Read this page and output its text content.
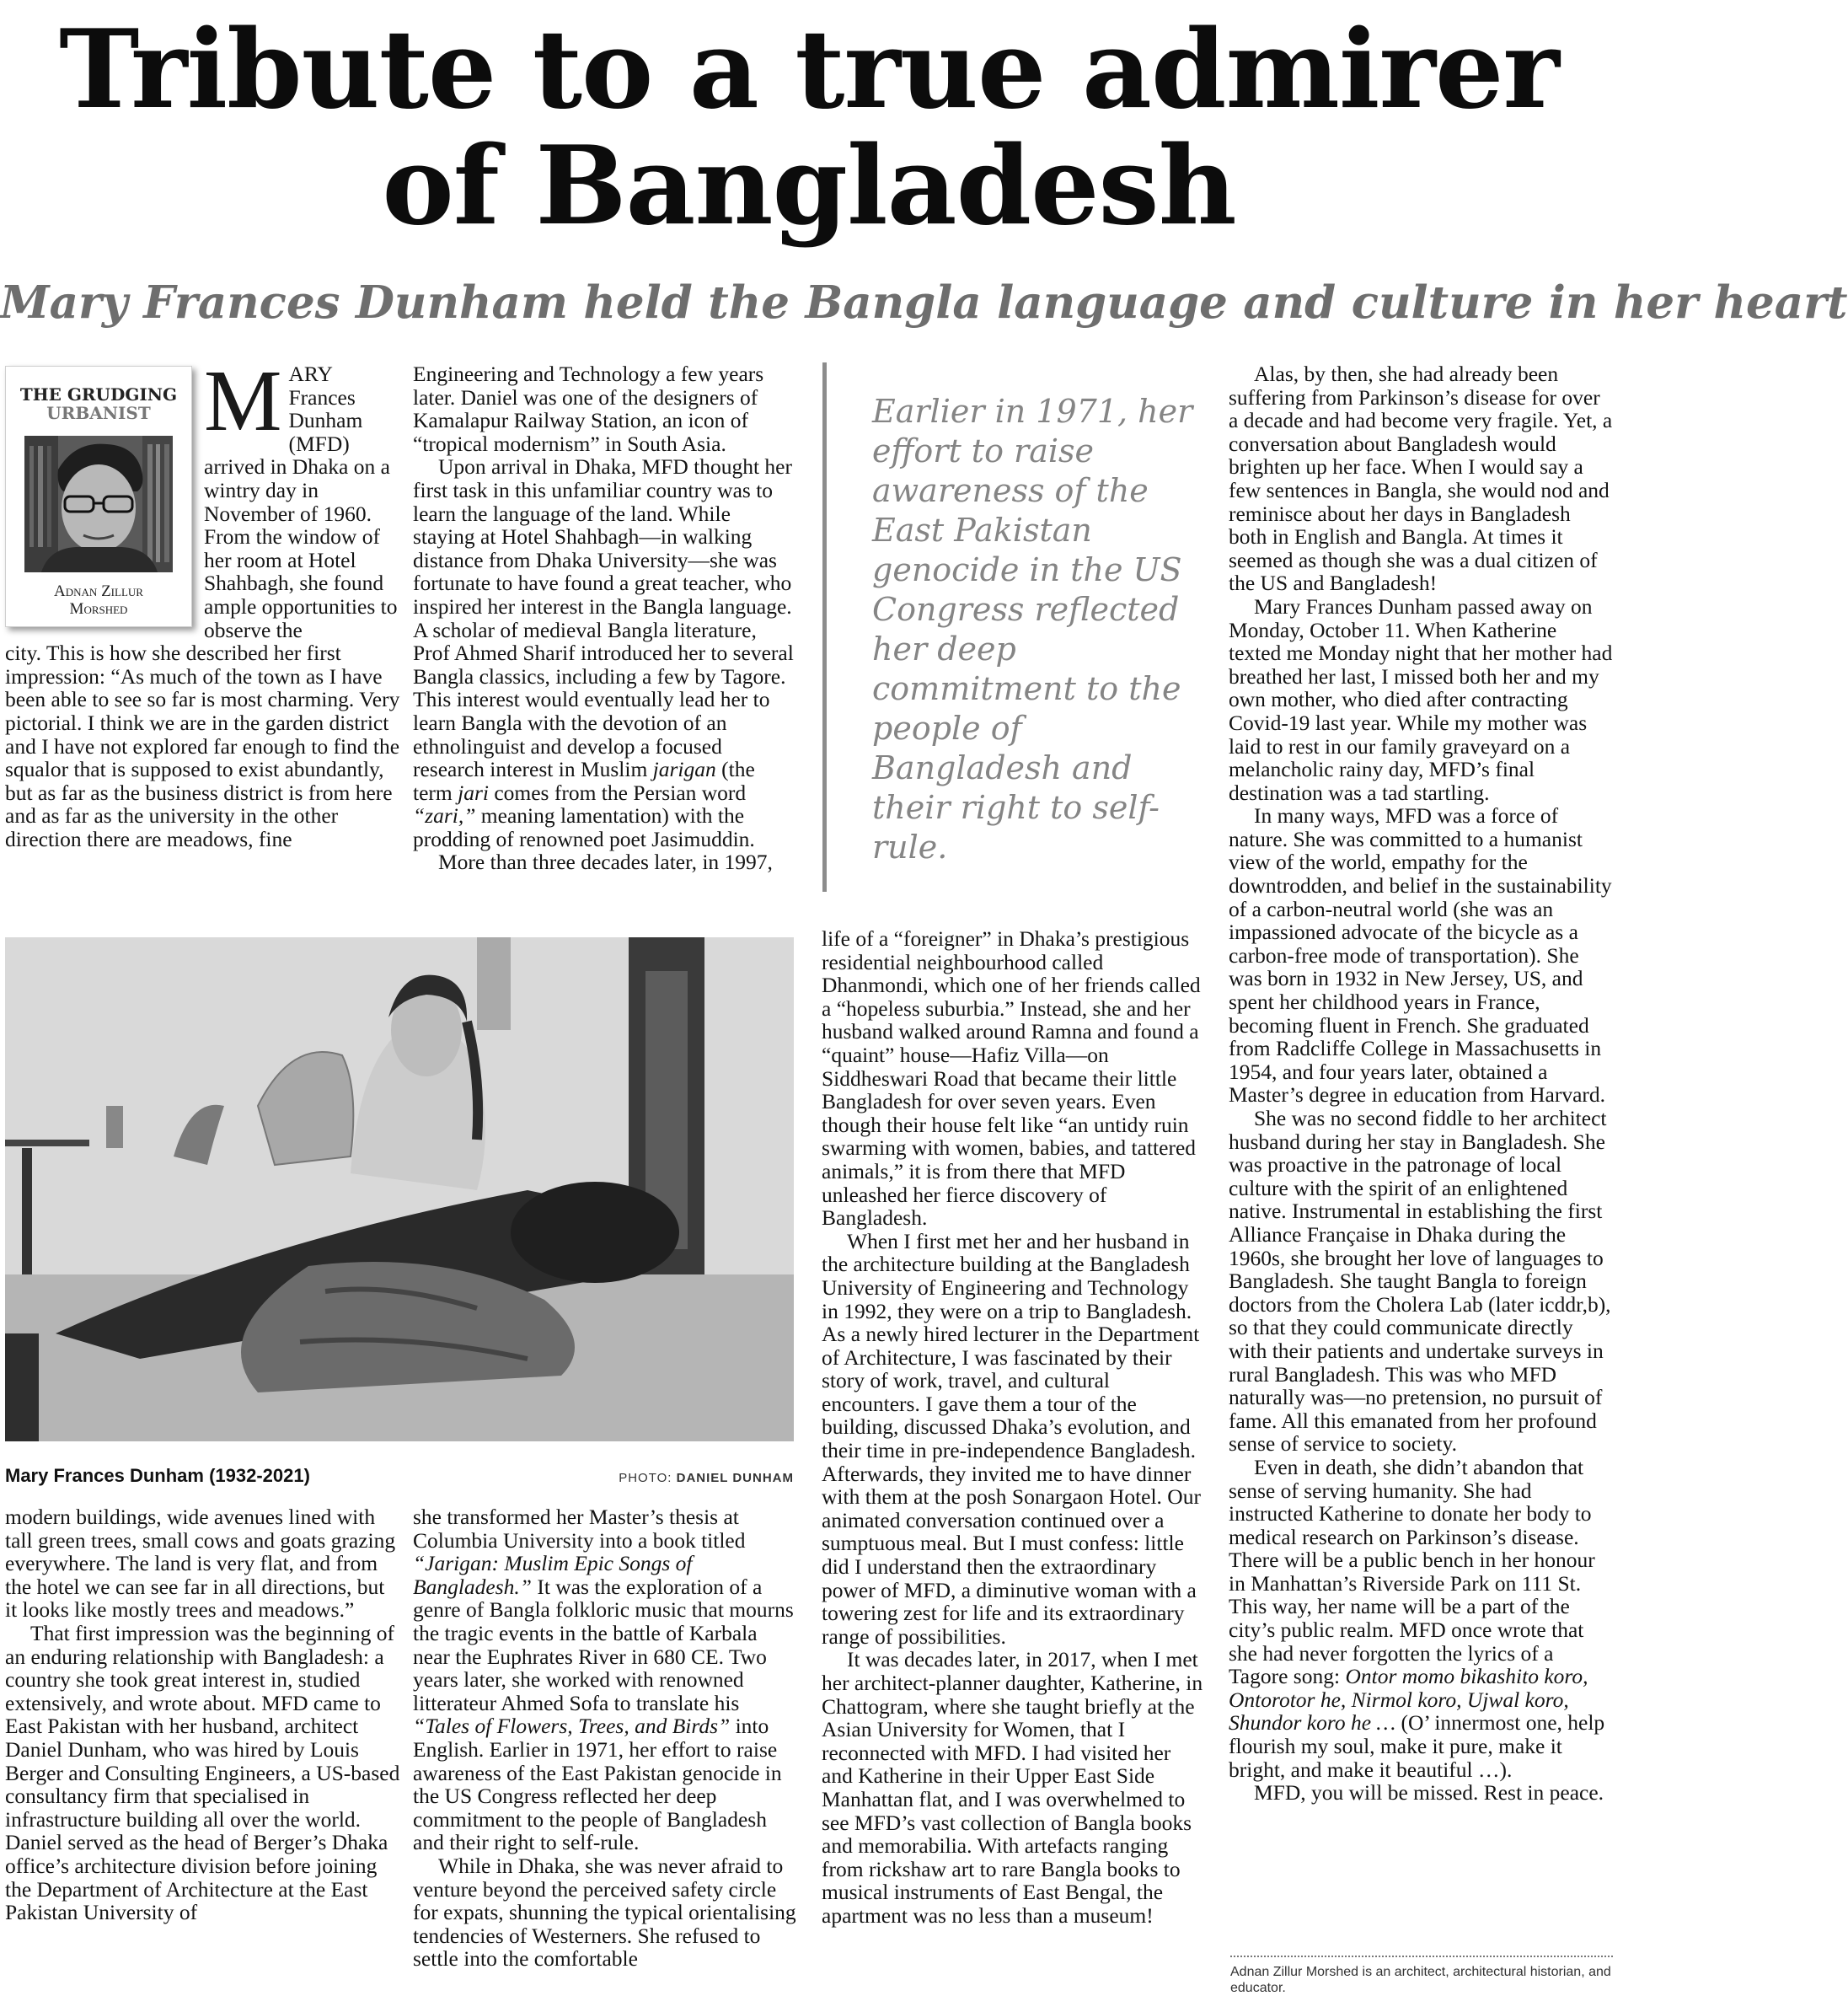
Tribute to a true admirer
of Bangladesh
Mary Frances Dunham held the Bangla language and culture in her heart
THE GRUDGING
URBANIST
Adnan Zillur
Morshed
M ARY Frances Dunham (MFD) arrived in Dhaka on a wintry day in November of 1960. From the window of her room at Hotel Shahbagh, she found ample opportunities to observe the

city. This is how she described her first impression: “As much of the town as I have been able to see so far is most charming. Very pictorial. I think we are in the garden district and I have not explored far enough to find the squalor that is supposed to exist abundantly, but as far as the business district is from here and as far as the university in the other direction there are meadows, fine

Engineering and Technology a few years later. Daniel was one of the designers of Kamalapur Railway Station, an icon of “tropical modernism” in South Asia.

Upon arrival in Dhaka, MFD thought her first task in this unfamiliar country was to learn the language of the land. While staying at Hotel Shahbagh—in walking distance from Dhaka University—she was fortunate to have found a great teacher, who inspired her interest in the Bangla language. A scholar of medieval Bangla literature, Prof Ahmed Sharif introduced her to several Bangla classics, including a few by Tagore. This interest would eventually lead her to learn Bangla with the devotion of an ethnolinguist and develop a focused research interest in Muslim jarigan (the term jari comes from the Persian word “zari,” meaning lamentation) with the prodding of renowned poet Jasimuddin.

More than three decades later, in 1997,

Earlier in 1971, her effort to raise awareness of the East Pakistan genocide in the US Congress reflected her deep commitment to the people of Bangladesh and their right to self-rule.
Mary Frances Dunham (1932-2021)	PHOTO: DANIEL DUNHAM

modern buildings, wide avenues lined with tall green trees, small cows and goats grazing everywhere. The land is very flat, and from the hotel we can see far in all directions, but it looks like mostly trees and meadows.”

That first impression was the beginning of an enduring relationship with Bangladesh: a country she took great interest in, studied extensively, and wrote about. MFD came to East Pakistan with her husband, architect Daniel Dunham, who was hired by Louis Berger and Consulting Engineers, a US-based consultancy firm that specialised in infrastructure building all over the world. Daniel served as the head of Berger’s Dhaka office’s architecture division before joining the Department of Architecture at the East Pakistan University of

she transformed her Master’s thesis at Columbia University into a book titled “Jarigan: Muslim Epic Songs of Bangladesh.” It was the exploration of a genre of Bangla folkloric music that mourns the tragic events in the battle of Karbala near the Euphrates River in 680 CE. Two years later, she worked with renowned litterateur Ahmed Sofa to translate his “Tales of Flowers, Trees, and Birds” into English. Earlier in 1971, her effort to raise awareness of the East Pakistan genocide in the US Congress reflected her deep commitment to the people of Bangladesh and their right to self-rule.

While in Dhaka, she was never afraid to venture beyond the perceived safety circle for expats, shunning the typical orientalising tendencies of Westerners. She refused to settle into the comfortable

life of a “foreigner” in Dhaka’s prestigious residential neighbourhood called Dhanmondi, which one of her friends called a “hopeless suburbia.” Instead, she and her husband walked around Ramna and found a “quaint” house—Hafiz Villa—on Siddheswari Road that became their little Bangladesh for over seven years. Even though their house felt like “an untidy ruin swarming with women, babies, and tattered animals,” it is from there that MFD unleashed her fierce discovery of Bangladesh.

When I first met her and her husband in the architecture building at the Bangladesh University of Engineering and Technology in 1992, they were on a trip to Bangladesh. As a newly hired lecturer in the Department of Architecture, I was fascinated by their story of work, travel, and cultural encounters. I gave them a tour of the building, discussed Dhaka’s evolution, and their time in pre-independence Bangladesh. Afterwards, they invited me to have dinner with them at the posh Sonargaon Hotel. Our animated conversation continued over a sumptuous meal. But I must confess: little did I understand then the extraordinary power of MFD, a diminutive woman with a towering zest for life and its extraordinary range of possibilities.

It was decades later, in 2017, when I met her architect-planner daughter, Katherine, in Chattogram, where she taught briefly at the Asian University for Women, that I reconnected with MFD. I had visited her and Katherine in their Upper East Side Manhattan flat, and I was overwhelmed to see MFD’s vast collection of Bangla books and memorabilia. With artefacts ranging from rickshaw art to rare Bangla books to musical instruments of East Bengal, the apartment was no less than a museum!

Alas, by then, she had already been suffering from Parkinson’s disease for over a decade and had become very fragile. Yet, a conversation about Bangladesh would brighten up her face. When I would say a few sentences in Bangla, she would nod and reminisce about her days in Bangladesh both in English and Bangla. At times it seemed as though she was a dual citizen of the US and Bangladesh!

Mary Frances Dunham passed away on Monday, October 11. When Katherine texted me Monday night that her mother had breathed her last, I missed both her and my own mother, who died after contracting Covid-19 last year. While my mother was laid to rest in our family graveyard on a melancholic rainy day, MFD’s final destination was a tad startling.

In many ways, MFD was a force of nature. She was committed to a humanist view of the world, empathy for the downtrodden, and belief in the sustainability of a carbon-neutral world (she was an impassioned advocate of the bicycle as a carbon-free mode of transportation). She was born in 1932 in New Jersey, US, and spent her childhood years in France, becoming fluent in French. She graduated from Radcliffe College in Massachusetts in 1954, and four years later, obtained a Master’s degree in education from Harvard.

She was no second fiddle to her architect husband during her stay in Bangladesh. She was proactive in the patronage of local culture with the spirit of an enlightened native. Instrumental in establishing the first Alliance Française in Dhaka during the 1960s, she brought her love of languages to Bangladesh. She taught Bangla to foreign doctors from the Cholera Lab (later icddr,b), so that they could communicate directly with their patients and undertake surveys in rural Bangladesh. This was who MFD naturally was—no pretension, no pursuit of fame. All this emanated from her profound sense of service to society.

Even in death, she didn’t abandon that sense of serving humanity. She had instructed Katherine to donate her body to medical research on Parkinson’s disease. There will be a public bench in her honour in Manhattan’s Riverside Park on 111 St. This way, her name will be a part of the city’s public realm. MFD once wrote that she had never forgotten the lyrics of a Tagore song: Ontor momo bikashito koro, Ontorotor he, Nirmol koro, Ujwal koro, Shundor koro he … (O’ innermost one, help flourish my soul, make it pure, make it bright, and make it beautiful …).

MFD, you will be missed. Rest in peace.

Adnan Zillur Morshed is an architect, architectural historian, and educator.
